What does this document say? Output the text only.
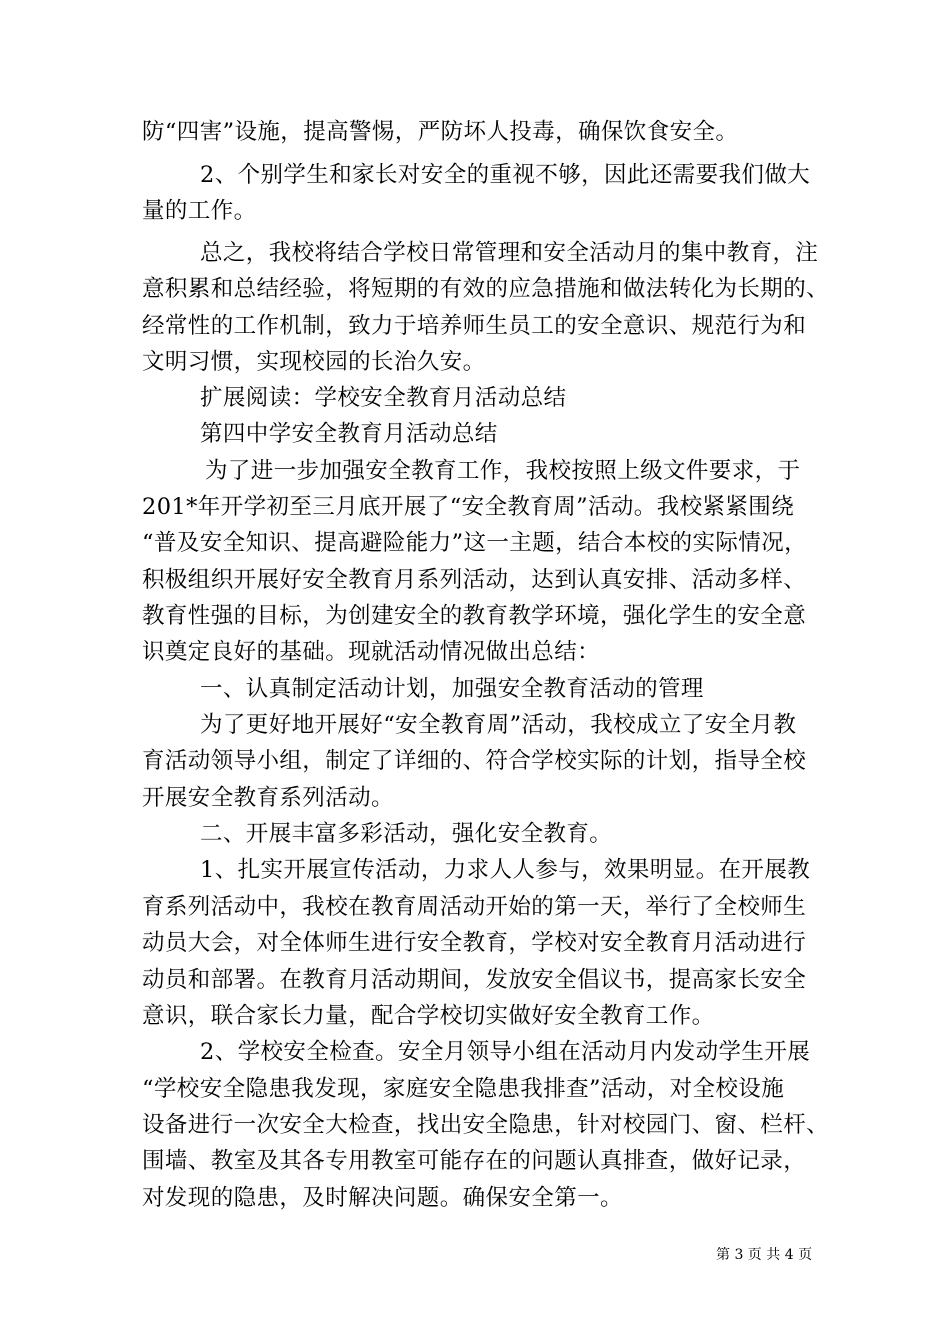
防“四害”设施，提高警惕，严防坏人投毒，确保饮食安全。
2、个别学生和家长对安全的重视不够，因此还需要我们做大
量的工作。
总之，我校将结合学校日常管理和安全活动月的集中教育，注
意积累和总结经验，将短期的有效的应急措施和做法转化为长期的、
经常性的工作机制，致力于培养师生员工的安全意识、规范行为和
文明习惯，实现校园的长治久安。
扩展阅读：学校安全教育月活动总结
第四中学安全教育月活动总结
为了进一步加强安全教育工作，我校按照上级文件要求，于
201*年开学初至三月底开展了“安全教育周”活动。我校紧紧围绕
“普及安全知识、提高避险能力”这一主题，结合本校的实际情况，
积极组织开展好安全教育月系列活动，达到认真安排、活动多样、
教育性强的目标，为创建安全的教育教学环境，强化学生的安全意
识奠定良好的基础。现就活动情况做出总结：
一、认真制定活动计划，加强安全教育活动的管理
为了更好地开展好“安全教育周”活动，我校成立了安全月教
育活动领导小组，制定了详细的、符合学校实际的计划，指导全校
开展安全教育系列活动。
二、开展丰富多彩活动，强化安全教育。
1、扎实开展宣传活动，力求人人参与，效果明显。在开展教
育系列活动中，我校在教育周活动开始的第一天，举行了全校师生
动员大会，对全体师生进行安全教育，学校对安全教育月活动进行
动员和部署。在教育月活动期间，发放安全倡议书，提高家长安全
意识，联合家长力量，配合学校切实做好安全教育工作。
2、学校安全检查。安全月领导小组在活动月内发动学生开展
“学校安全隐患我发现，家庭安全隐患我排查”活动，对全校设施
设备进行一次安全大检查，找出安全隐患，针对校园门、窗、栏杆、
围墙、教室及其各专用教室可能存在的问题认真排查，做好记录，
对发现的隐患，及时解决问题。确保安全第一。
第 3 页 共 4 页
